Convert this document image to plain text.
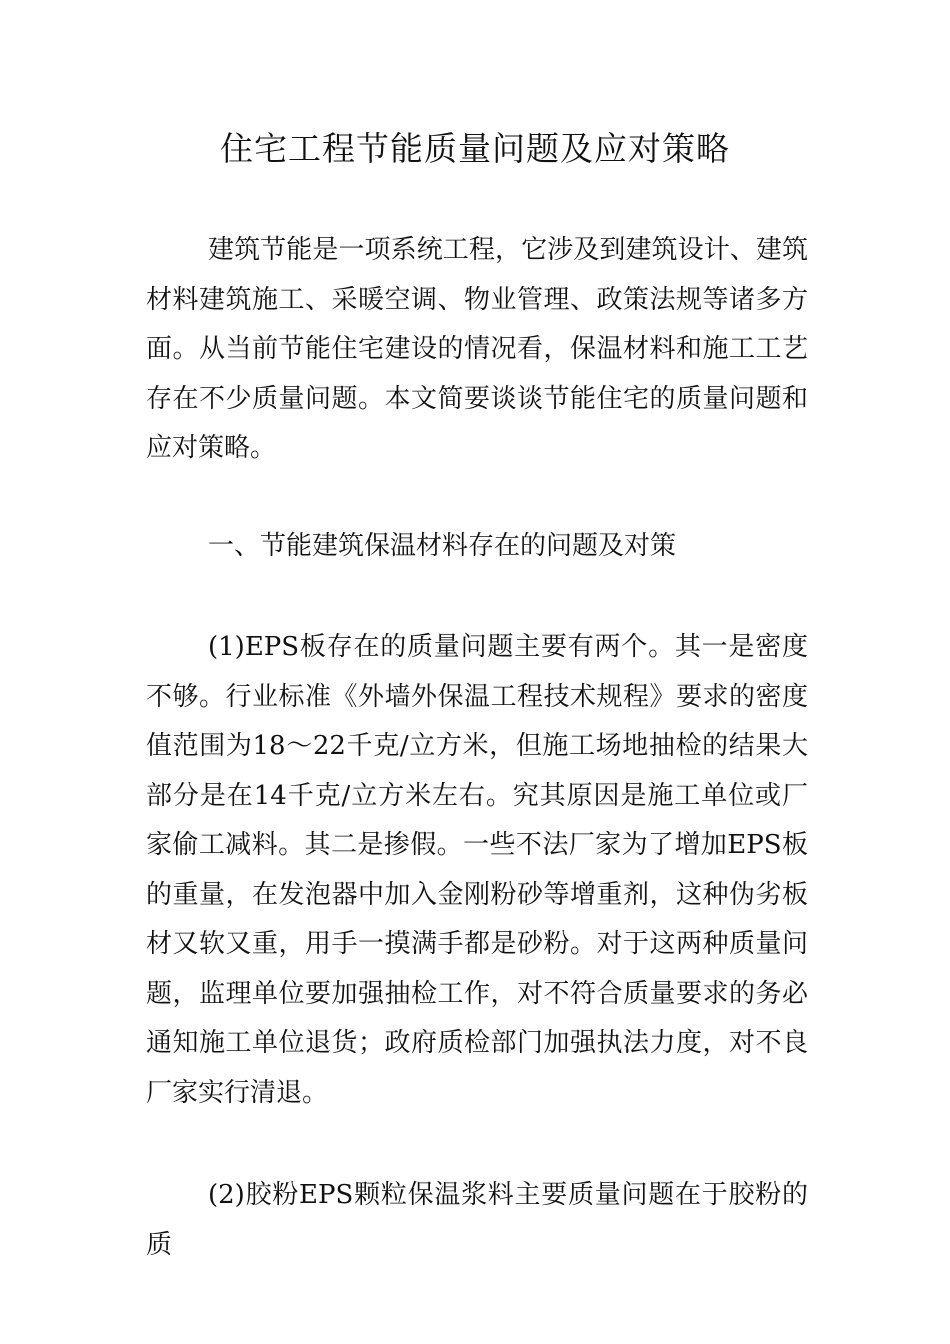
住宅工程节能质量问题及应对策略

建筑节能是一项系统工程，它涉及到建筑设计、建筑材料建筑施工、采暖空调、物业管理、政策法规等诸多方面。从当前节能住宅建设的情况看，保温材料和施工工艺存在不少质量问题。本文简要谈谈节能住宅的质量问题和应对策略。

一、节能建筑保温材料存在的问题及对策

(1)EPS板存在的质量问题主要有两个。其一是密度不够。行业标准《外墙外保温工程技术规程》要求的密度值范围为18～22千克/立方米，但施工场地抽检的结果大部分是在14千克/立方米左右。究其原因是施工单位或厂家偷工减料。其二是掺假。一些不法厂家为了增加EPS板的重量，在发泡器中加入金刚粉砂等增重剂，这种伪劣板材又软又重，用手一摸满手都是砂粉。对于这两种质量问题，监理单位要加强抽检工作，对不符合质量要求的务必通知施工单位退货；政府质检部门加强执法力度，对不良厂家实行清退。

(2)胶粉EPS颗粒保温浆料主要质量问题在于胶粉的质
